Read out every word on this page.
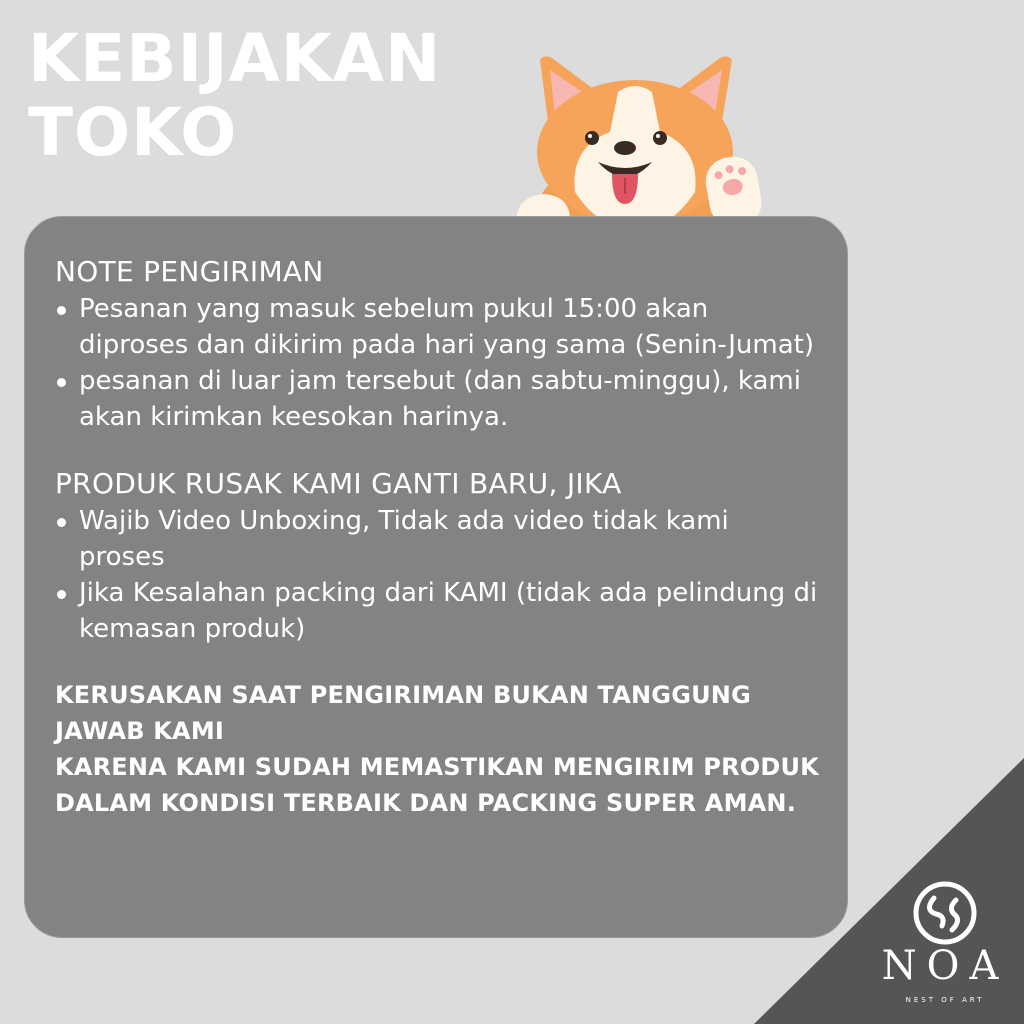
KEBIJAKAN
TOKO
NOTE PENGIRIMAN
Pesanan yang masuk sebelum pukul 15:00 akan diproses dan dikirim pada hari yang sama (Senin-Jumat)
pesanan di luar jam tersebut (dan sabtu-minggu), kami akan kirimkan keesokan harinya.
PRODUK RUSAK KAMI GANTI BARU, JIKA
Wajib Video Unboxing, Tidak ada video tidak kami proses
Jika Kesalahan packing dari KAMI (tidak ada pelindung di kemasan produk)

KERUSAKAN SAAT PENGIRIMAN BUKAN TANGGUNG JAWAB KAMI

KARENA KAMI SUDAH MEMASTIKAN MENGIRIM PRODUK DALAM KONDISI TERBAIK DAN PACKING SUPER AMAN.

NOA
NEST OF ART
